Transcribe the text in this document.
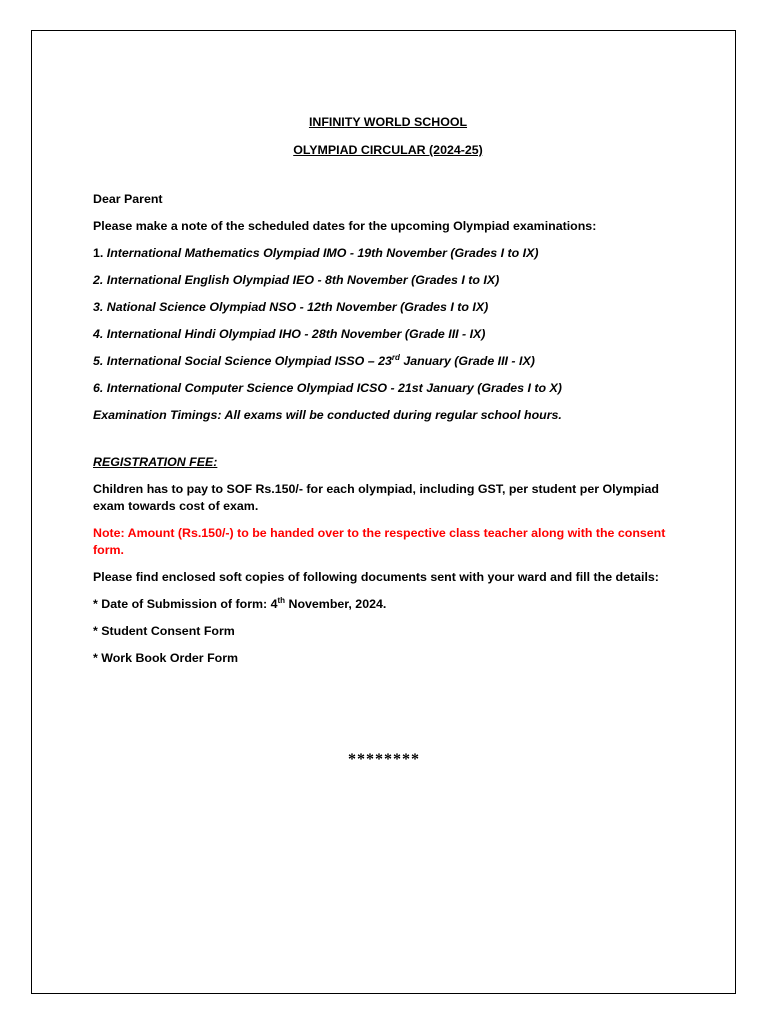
INFINITY WORLD SCHOOL

OLYMPIAD CIRCULAR (2024-25)

Dear Parent

Please make a note of the scheduled dates for the upcoming Olympiad examinations:

1. International Mathematics Olympiad IMO - 19th November (Grades I to IX)

2. International English Olympiad IEO - 8th November (Grades I to IX)

3. National Science Olympiad NSO - 12th November (Grades I to IX)

4. International Hindi Olympiad IHO - 28th November (Grade III - IX)

5. International Social Science Olympiad ISSO – 23rd January (Grade III - IX)

6. International Computer Science Olympiad ICSO - 21st January (Grades I to X)

Examination Timings: All exams will be conducted during regular school hours.

REGISTRATION FEE:

Children has to pay to SOF Rs.150/- for each olympiad, including GST, per student per Olympiad exam towards cost of exam.

Note: Amount (Rs.150/-) to be handed over to the respective class teacher along with the consent form.

Please find enclosed soft copies of following documents sent with your ward and fill the details:

* Date of Submission of form: 4th November, 2024.

* Student Consent Form

* Work Book Order Form

********
